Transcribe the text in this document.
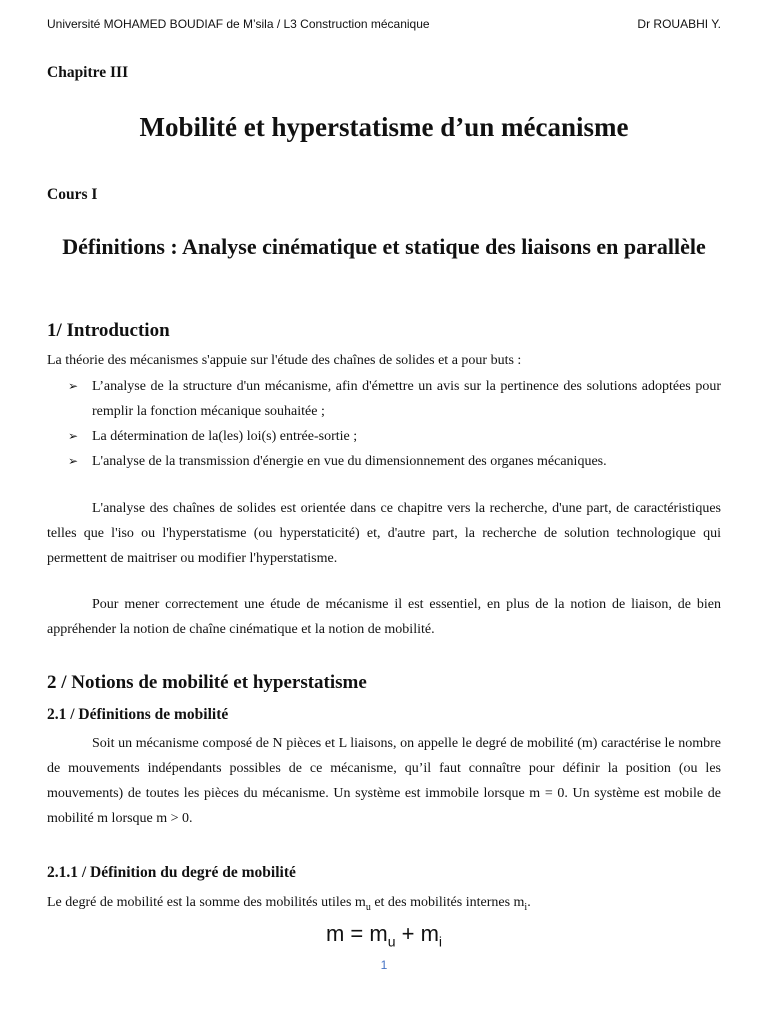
Université MOHAMED BOUDIAF de M’sila / L3 Construction mécanique	Dr ROUABHI Y.
Chapitre III
Mobilité et hyperstatisme d’un mécanisme
Cours I
Définitions : Analyse cinématique et statique des liaisons en parallèle
1/ Introduction
La théorie des mécanismes s'appuie sur l'étude des chaînes de solides et a pour buts :
➢ L’analyse de la structure d'un mécanisme, afin d'émettre un avis sur la pertinence des solutions adoptées pour remplir la fonction mécanique souhaitée ;
➢ La détermination de la(les) loi(s) entrée-sortie ;
➢ L'analyse de la transmission d'énergie en vue du dimensionnement des organes mécaniques.
L'analyse des chaînes de solides est orientée dans ce chapitre vers la recherche, d'une part, de caractéristiques telles que l'iso ou l'hyperstatisme (ou hyperstaticité) et, d'autre part, la recherche de solution technologique qui permettent de maitriser ou modifier l'hyperstatisme.
Pour mener correctement une étude de mécanisme il est essentiel, en plus de la notion de liaison, de bien appréhender la notion de chaîne cinématique et la notion de mobilité.
2 / Notions de mobilité et hyperstatisme
2.1 / Définitions de mobilité
Soit un mécanisme composé de N pièces et L liaisons, on appelle le degré de mobilité (m) caractérise le nombre de mouvements indépendants possibles de ce mécanisme, qu’il faut connaître pour définir la position (ou les mouvements) de toutes les pièces du mécanisme. Un système est immobile lorsque m = 0. Un système est mobile de mobilité m lorsque m > 0.
2.1.1 / Définition du degré de mobilité
Le degré de mobilité est la somme des mobilités utiles $m_u$ et des mobilités internes $m_i$.
$m = m_u + m_i$
1
